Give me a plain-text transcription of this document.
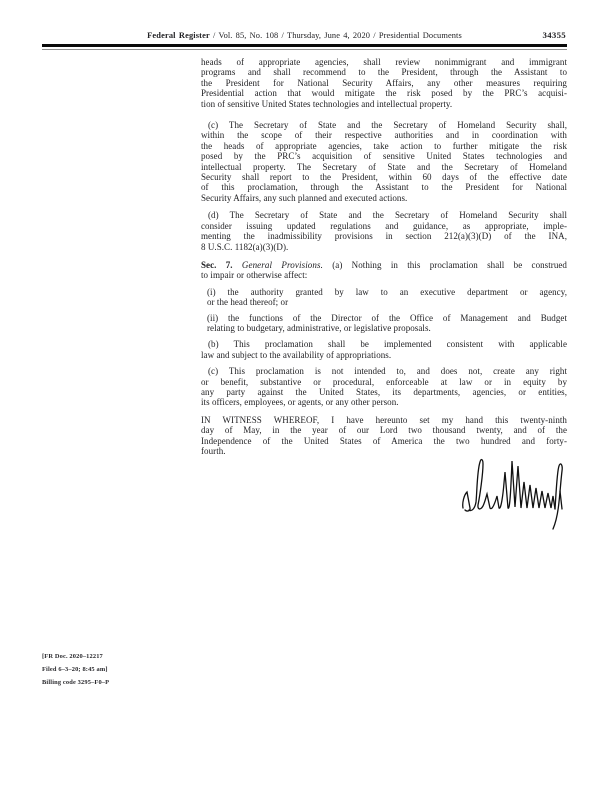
Federal Register / Vol. 85, No. 108 / Thursday, June 4, 2020 / Presidential Documents	34355
heads of appropriate agencies, shall review nonimmigrant and immigrant
programs and shall recommend to the President, through the Assistant to
the President for National Security Affairs, any other measures requiring
Presidential action that would mitigate the risk posed by the PRC’s acquisi-
tion of sensitive United States technologies and intellectual property.
(c) The Secretary of State and the Secretary of Homeland Security shall,
within the scope of their respective authorities and in coordination with
the heads of appropriate agencies, take action to further mitigate the risk
posed by the PRC’s acquisition of sensitive United States technologies and
intellectual property. The Secretary of State and the Secretary of Homeland
Security shall report to the President, within 60 days of the effective date
of this proclamation, through the Assistant to the President for National
Security Affairs, any such planned and executed actions.
(d) The Secretary of State and the Secretary of Homeland Security shall
consider issuing updated regulations and guidance, as appropriate, imple-
menting the inadmissibility provisions in section 212(a)(3)(D) of the INA,
8 U.S.C. 1182(a)(3)(D).
Sec. 7. General Provisions. (a) Nothing in this proclamation shall be construed
to impair or otherwise affect:
(i) the authority granted by law to an executive department or agency,
or the head thereof; or
(ii) the functions of the Director of the Office of Management and Budget
relating to budgetary, administrative, or legislative proposals.
(b) This proclamation shall be implemented consistent with applicable
law and subject to the availability of appropriations.
(c) This proclamation is not intended to, and does not, create any right
or benefit, substantive or procedural, enforceable at law or in equity by
any party against the United States, its departments, agencies, or entities,
its officers, employees, or agents, or any other person.
IN WITNESS WHEREOF, I have hereunto set my hand this twenty-ninth
day of May, in the year of our Lord two thousand twenty, and of the
Independence of the United States of America the two hundred and forty-
fourth.
[FR Doc. 2020–12217
Filed 6–3–20; 8:45 am]
Billing code 3295–F0–P
